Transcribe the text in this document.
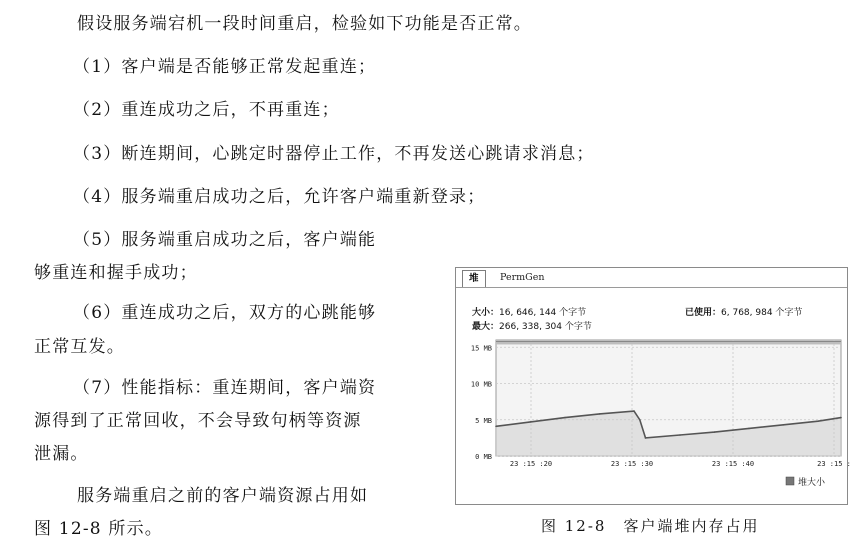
假设服务端宕机一段时间重启，检验如下功能是否正常。
（1）客户端是否能够正常发起重连；
（2）重连成功之后，不再重连；
（3）断连期间，心跳定时器停止工作，不再发送心跳请求消息；
（4）服务端重启成功之后，允许客户端重新登录；
（5）服务端重启成功之后，客户端能
够重连和握手成功；
（6）重连成功之后，双方的心跳能够
正常互发。
（7）性能指标：重连期间，客户端资
源得到了正常回收，不会导致句柄等资源
泄漏。
服务端重启之前的客户端资源占用如
图 12-8 所示。
堆	PermGen
大小：16, 646, 144 个字节
最大：266, 338, 304 个字节
已使用：6, 768, 984 个字节
0 MB
5 MB
10 MB
15 MB
23 :15 :20	23 :15 :30	23 :15 :40	23 :15 :
堆大小
图 12-8　客户端堆内存占用
